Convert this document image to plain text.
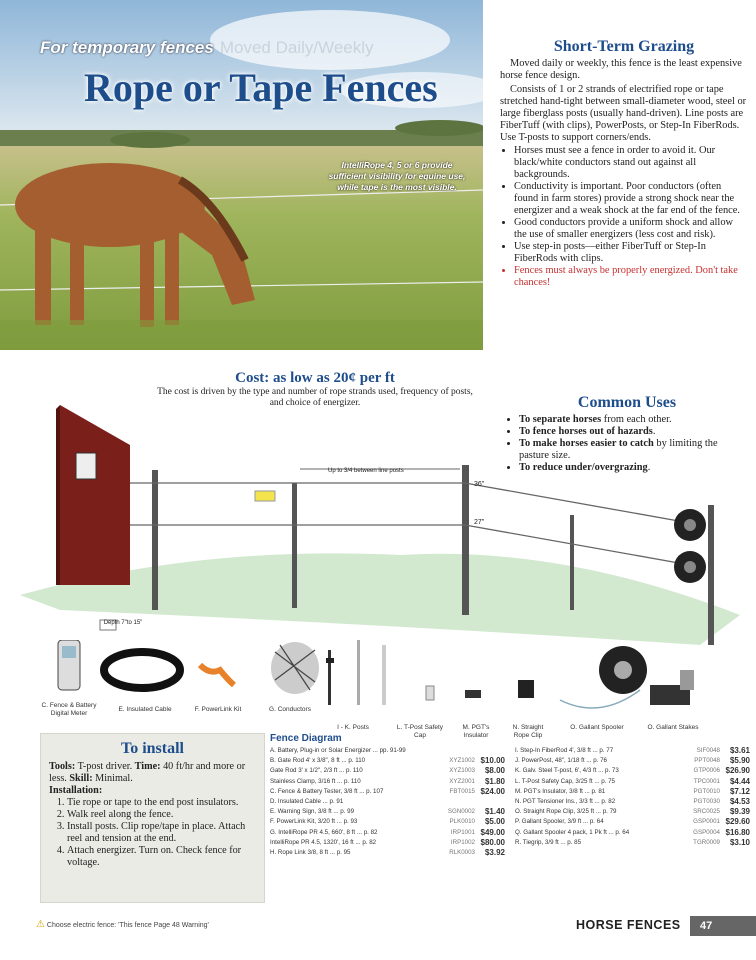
For temporary fences Moved Daily/Weekly
Rope or Tape Fences
IntelliRope 4, 5 or 6 provide sufficient visibility for equine use, while tape is the most visible.
Short-Term Grazing

Moved daily or weekly, this fence is the least expensive horse fence design.

Consists of 1 or 2 strands of electrified rope or tape stretched hand-tight between small-diameter wood, steel or large fiberglass posts (usually hand-driven). Line posts are FiberTuff (with clips), PowerPosts, or Step-In FiberRods. Use T-posts to support corners/ends.

• Horses must see a fence in order to avoid it. Our black/white conductors stand out against all backgrounds.
• Conductivity is important. Poor conductors (often found in farm stores) provide a strong shock near the energizer and a weak shock at the far end of the fence.
• Good conductors provide a uniform shock and allow the use of smaller energizers (less cost and risk).
• Use step-in posts—either FiberTuff or Step-In FiberRods with clips.
• Fences must always be properly energized. Don't take chances!
Cost: as low as 20¢ per ft
The cost is driven by the type and number of rope strands used, frequency of posts, and choice of energizer.
Up to 3/4 between line posts
36"
27"
Depth 7"to 15"
C. Fence & Battery Digital Meter
E. Insulated Cable	F. PowerLink Kit	G. Conductors
I - K. Posts	L. T-Post Safety Cap
M. PGT's Insulator
N. Straight Rope Clip
O. Gallant Spooler	O. Gallant Stakes
Common Uses
• To separate horses from each other.
• To fence horses out of hazards.
• To make horses easier to catch by limiting the pasture size.
• To reduce under/overgrazing.
To install
Tools: T-post driver. Time: 40 ft/hr and more or less. Skill: Minimal.
Installation:
1. Tie rope or tape to the end post insulators.
2. Walk reel along the fence.
3. Install posts. Clip rope/tape in place. Attach reel and tension at the end.
4. Attach energizer. Turn on. Check fence for voltage.
Fence Diagram
A. Battery, Plug-in or Solar Energizer ... pp. 91-99
B. Gate Rod 4' x 3/8", 8 ft ... p. 110	XYZ1002 $10.00
Gate Rod 3' x 1/2", 2/3 ft ... p. 110	XYZ1003	$8.00
Stainless Clamp, 3/16 ft ... p. 110	XYZ2001	$1.80
C. Fence & Battery Tester, 3/8 ft ... p. 107	FBT0015 $24.00
D. Insulated Cable ... p. 91
E. Warning Sign, 3/8 ft ... p. 99	SGN0002	$1.40
F. PowerLink Kit, 3/20 ft ... p. 93	PLK0010	$5.00
G. IntelliRope PR 4.5, 660', 8 ft ... p. 82	IRP1001 $49.00
IntelliRope PR 4.5, 1320', 16 ft ... p. 82	IRP1002 $80.00
H. Rope Link 3/8, 8 ft ... p. 95	RLK0003	$3.92
I. Step-In FiberRod 4', 3/8 ft ... p. 77	SIF0048	$3.61
J. PowerPost, 48", 1/18 ft ... p. 76	PPT0048	$5.90
K. Galv. Steel T-post, 6', 4/3 ft ... p. 73	GTP0006 $26.90
L. T-Post Safety Cap, 3/25 ft ... p. 75	TPC0001	$4.44
M. PGT's Insulator, 3/8 ft ... p. 81	PGT0010	$7.12
N. PGT Tensioner Ins., 3/3 ft ... p. 82	PGT0030	$4.53
O. Straight Rope Clip, 3/25 ft ... p. 79	SRC0025	$9.39
P. Gallant Spooler, 3/9 ft ... p. 64	GSP0001 $29.60
Q. Gallant Spooler 4 pack, 1 Pk ft ... p. 64	GSP0004 $16.80
R. Tiegrip, 3/9 ft ... p. 85	TGR0009	$3.10
⚠ Choose electric fence: 'This fence Page 48 Warning'	HORSE FENCES	47
